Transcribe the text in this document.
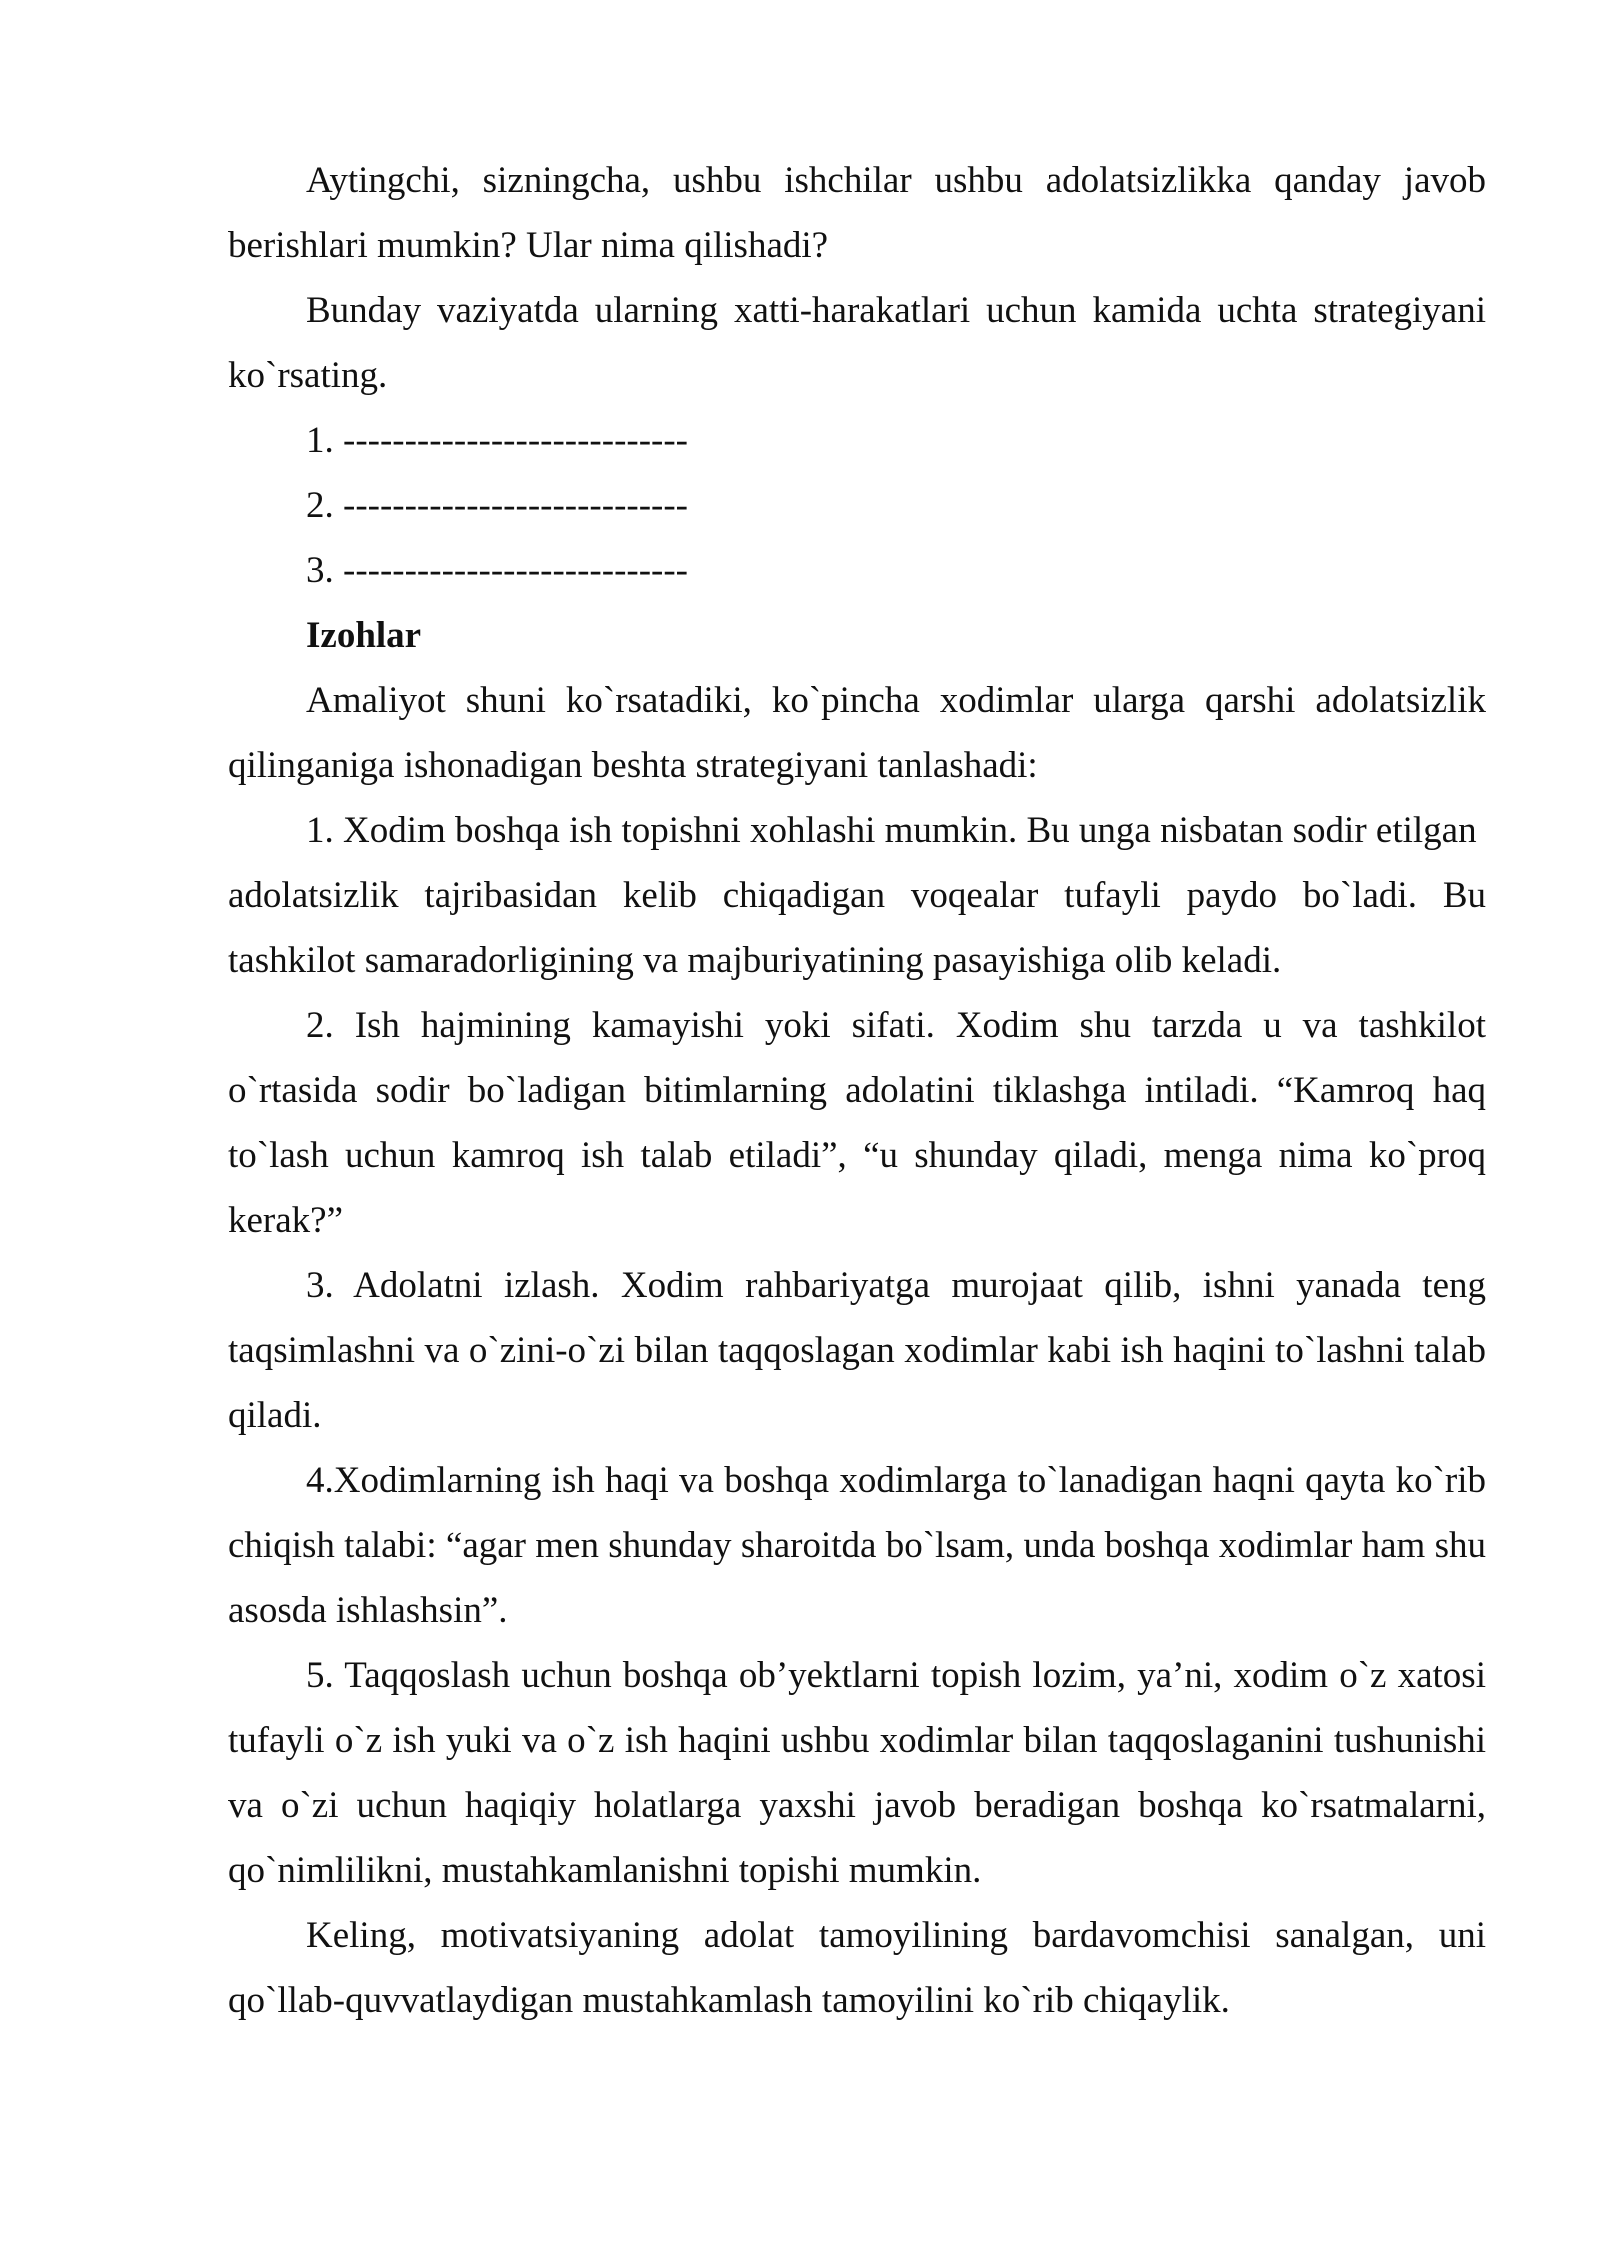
Aytingchi, sizningcha, ushbu ishchilar ushbu adolatsizlikka qanday javob berishlari mumkin? Ular nima qilishadi?

Bunday vaziyatda ularning xatti-harakatlari uchun kamida uchta strategiyani ko`rsating.

1. ----------------------------

2. ----------------------------

3. ----------------------------

Izohlar

Amaliyot shuni ko`rsatadiki, ko`pincha xodimlar ularga qarshi adolatsizlik qilinganiga ishonadigan beshta strategiyani tanlashadi:

1. Xodim boshqa ish topishni xohlashi mumkin. Bu unga nisbatan sodir etilgan

adolatsizlik tajribasidan kelib chiqadigan voqealar tufayli paydo bo`ladi. Bu tashkilot samaradorligining va majburiyatining pasayishiga olib keladi.

2. Ish hajmining kamayishi yoki sifati. Xodim shu tarzda u va tashkilot o`rtasida sodir bo`ladigan bitimlarning adolatini tiklashga intiladi. “Kamroq haq to`lash uchun kamroq ish talab etiladi”, “u shunday qiladi, menga nima ko`proq kerak?”

3. Adolatni izlash. Xodim rahbariyatga murojaat qilib, ishni yanada teng taqsimlashni va o`zini-o`zi bilan taqqoslagan xodimlar kabi ish haqini to`lashni talab qiladi.

4.Xodimlarning ish haqi va boshqa xodimlarga to`lanadigan haqni qayta ko`rib chiqish talabi: “agar men shunday sharoitda bo`lsam, unda boshqa xodimlar ham shu asosda ishlashsin”.

5. Taqqoslash uchun boshqa ob’yektlarni topish lozim, ya’ni, xodim o`z xatosi tufayli o`z ish yuki va o`z ish haqini ushbu xodimlar bilan taqqoslaganini tushunishi va o`zi uchun haqiqiy holatlarga yaxshi javob beradigan boshqa ko`rsatmalarni, qo`nimlilikni, mustahkamlanishni topishi mumkin.

Keling, motivatsiyaning adolat tamoyilining bardavomchisi sanalgan, uni qo`llab-quvvatlaydigan mustahkamlash tamoyilini ko`rib chiqaylik.
